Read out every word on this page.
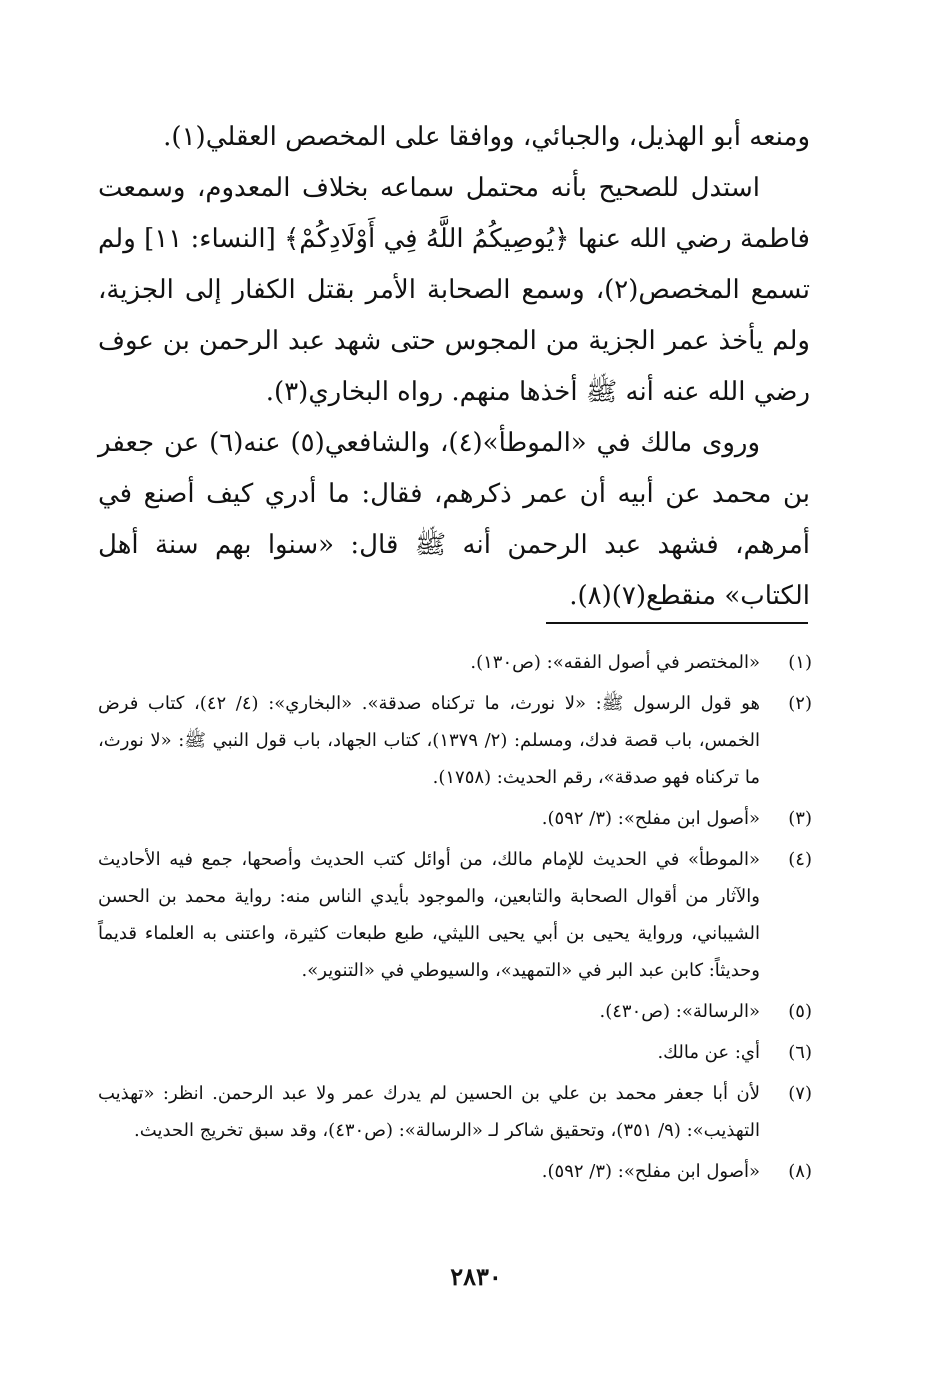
ومنعه أبو الهذيل، والجبائي، ووافقا على المخصص العقلي(١).

استدل للصحيح بأنه محتمل سماعه بخلاف المعدوم، وسمعت فاطمة رضي الله عنها ﴿يُوصِيكُمُ اللَّهُ فِي أَوْلَادِكُمْ﴾ [النساء: ١١] ولم تسمع المخصص(٢)، وسمع الصحابة الأمر بقتل الكفار إلى الجزية، ولم يأخذ عمر الجزية من المجوس حتى شهد عبد الرحمن بن عوف رضي الله عنه أنه ﷺ أخذها منهم. رواه البخاري(٣).

وروى مالك في «الموطأ»(٤)، والشافعي(٥) عنه(٦) عن جعفر بن محمد عن أبيه أن عمر ذكرهم، فقال: ما أدري كيف أصنع في أمرهم، فشهد عبد الرحمن أنه ﷺ قال: «سنوا بهم سنة أهل الكتاب» منقطع(٧)(٨).

(١)
«المختصر في أصول الفقه»: (ص١٣٠).
(٢)
هو قول الرسول ﷺ: «لا نورث، ما تركناه صدقة». «البخاري»: (٤/ ٤٢)، كتاب فرض الخمس، باب قصة فدك، ومسلم: (٢/ ١٣٧٩)، كتاب الجهاد، باب قول النبي ﷺ: «لا نورث، ما تركناه فهو صدقة»، رقم الحديث: (١٧٥٨).
(٣)
«أصول ابن مفلح»: (٣/ ٥٩٢).
(٤)
«الموطأ» في الحديث للإمام مالك، من أوائل كتب الحديث وأصحها، جمع فيه الأحاديث والآثار من أقوال الصحابة والتابعين، والموجود بأيدي الناس منه: رواية محمد بن الحسن الشيباني، ورواية يحيى بن أبي يحيى الليثي، طبع طبعات كثيرة، واعتنى به العلماء قديماً وحديثاً: كابن عبد البر في «التمهيد»، والسيوطي في «التنوير».
(٥)
«الرسالة»: (ص٤٣٠).
(٦)
أي: عن مالك.
(٧)
لأن أبا جعفر محمد بن علي بن الحسين لم يدرك عمر ولا عبد الرحمن. انظر: «تهذيب التهذيب»: (٩/ ٣٥١)، وتحقيق شاكر لـ «الرسالة»: (ص٤٣٠)، وقد سبق تخريج الحديث.
(٨)
«أصول ابن مفلح»: (٣/ ٥٩٢).
٢٨٣٠
